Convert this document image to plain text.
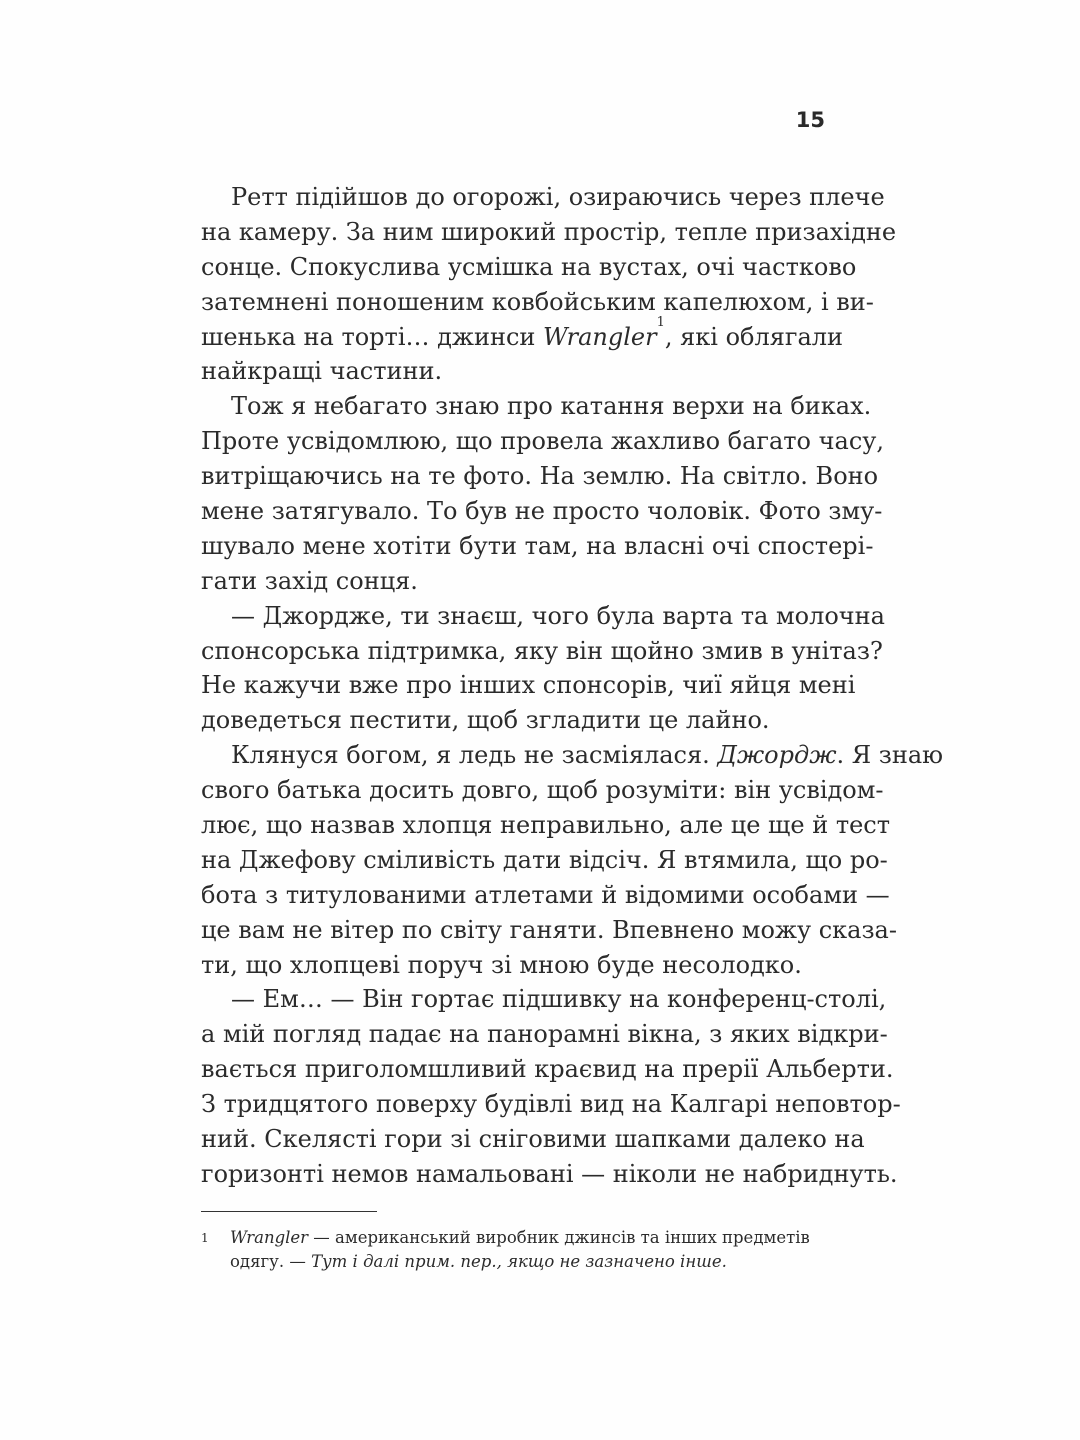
15
Ретт підійшов до огорожі, озираючись через плече
на камеру. За ним широкий простір, тепле призахідне
сонце. Спокуслива усмішка на вустах, очі частково
затемнені поношеним ковбойським капелюхом, і ви-
шенька на торті… джинси Wrangler$^1$, які облягали
найкращі частини.
Тож я небагато знаю про катання верхи на биках.
Проте усвідомлюю, що провела жахливо багато часу,
витріщаючись на те фото. На землю. На світло. Воно
мене затягувало. То був не просто чоловік. Фото зму-
шувало мене хотіти бути там, на власні очі спостері-
гати захід сонця.
— Джордже, ти знаєш, чого була варта та молочна
спонсорська підтримка, яку він щойно змив в унітаз?
Не кажучи вже про інших спонсорів, чиї яйця мені
доведеться пестити, щоб згладити це лайно.
Клянуся богом, я ледь не засміялася. Джордж. Я знаю
свого батька досить довго, щоб розуміти: він усвідом-
лює, що назвав хлопця неправильно, але це ще й тест
на Джефову сміливість дати відсіч. Я втямила, що ро-
бота з титулованими атлетами й відомими особами —
це вам не вітер по світу ганяти. Впевнено можу сказа-
ти, що хлопцеві поруч зі мною буде несолодко.
— Ем… — Він гортає підшивку на конференц-столі,
а мій погляд падає на панорамні вікна, з яких відкри-
вається приголомшливий краєвид на прерії Альберти.
З тридцятого поверху будівлі вид на Калгарі неповтор-
ний. Скелясті гори зі сніговими шапками далеко на
горизонті немов намальовані — ніколи не набриднуть.
1	Wrangler — американський виробник джинсів та інших предметів
одягу. — Тут і далі прим. пер., якщо не зазначено інше.
